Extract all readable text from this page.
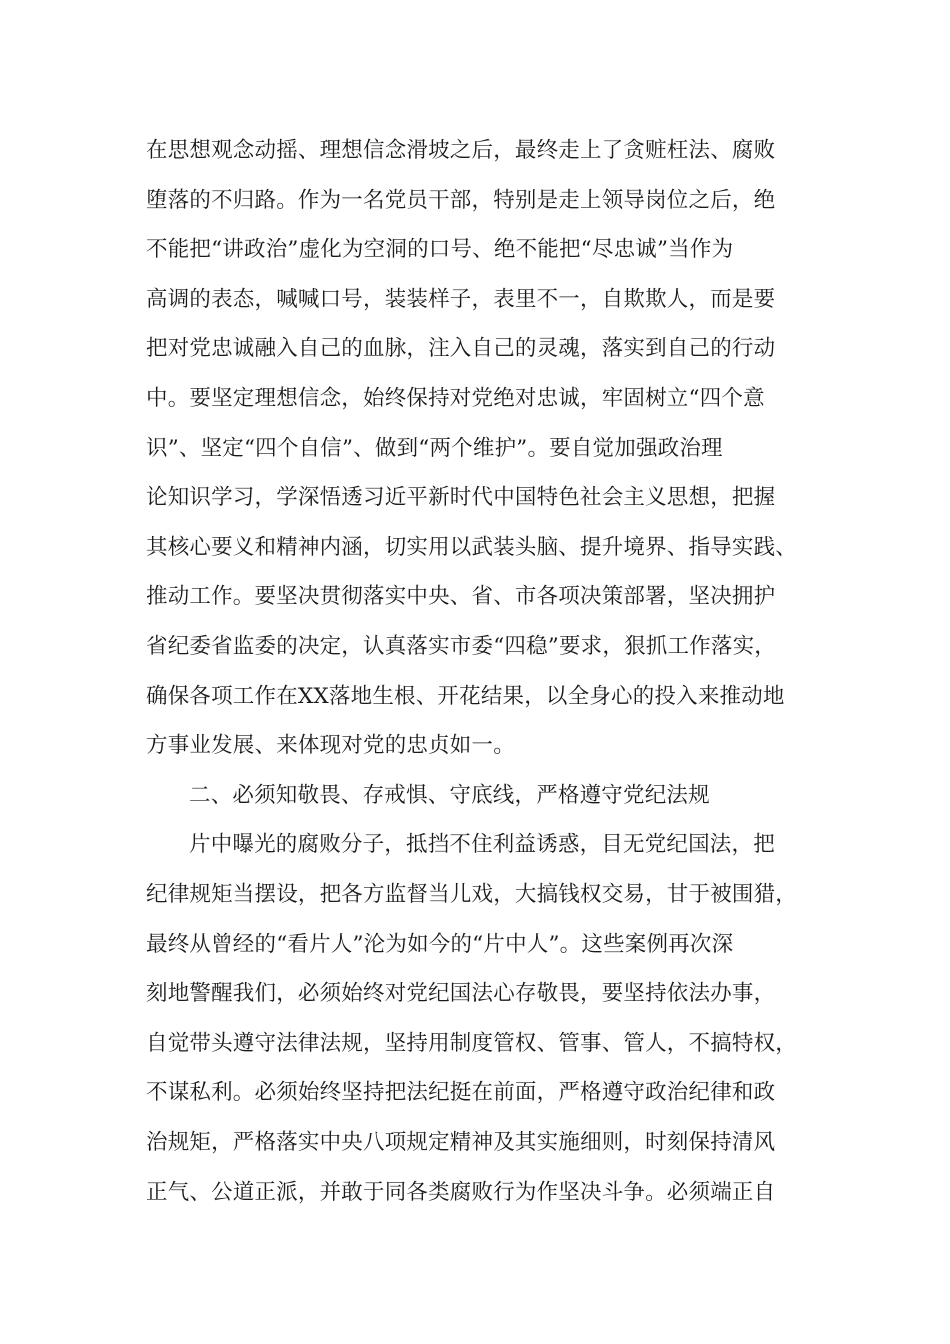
在思想观念动摇、理想信念滑坡之后，最终走上了贪赃枉法、腐败
堕落的不归路。作为一名党员干部，特别是走上领导岗位之后，绝
不能把“讲政治”虚化为空洞的口号、绝不能把“尽忠诚”当作为
高调的表态，喊喊口号，装装样子，表里不一，自欺欺人，而是要
把对党忠诚融入自己的血脉，注入自己的灵魂，落实到自己的行动
中。要坚定理想信念，始终保持对党绝对忠诚，牢固树立“四个意
识”、坚定“四个自信”、做到“两个维护”。要自觉加强政治理
论知识学习，学深悟透习近平新时代中国特色社会主义思想，把握
其核心要义和精神内涵，切实用以武装头脑、提升境界、指导实践、
推动工作。要坚决贯彻落实中央、省、市各项决策部署，坚决拥护
省纪委省监委的决定，认真落实市委“四稳”要求，狠抓工作落实，
确保各项工作在XX落地生根、开花结果，以全身心的投入来推动地
方事业发展、来体现对党的忠贞如一。
二、必须知敬畏、存戒惧、守底线，严格遵守党纪法规
片中曝光的腐败分子，抵挡不住利益诱惑，目无党纪国法，把
纪律规矩当摆设，把各方监督当儿戏，大搞钱权交易，甘于被围猎，
最终从曾经的“看片人”沦为如今的“片中人”。这些案例再次深
刻地警醒我们，必须始终对党纪国法心存敬畏，要坚持依法办事，
自觉带头遵守法律法规，坚持用制度管权、管事、管人，不搞特权，
不谋私利。必须始终坚持把法纪挺在前面，严格遵守政治纪律和政
治规矩，严格落实中央八项规定精神及其实施细则，时刻保持清风
正气、公道正派，并敢于同各类腐败行为作坚决斗争。必须端正自
